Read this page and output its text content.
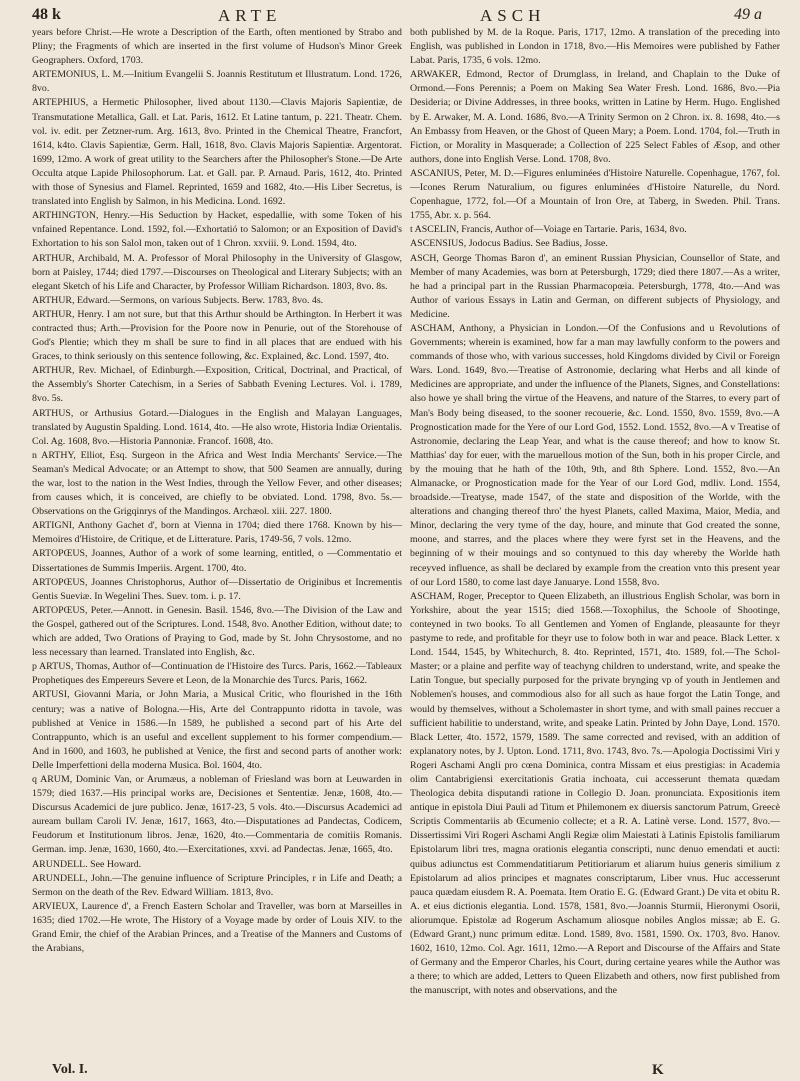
48 k	ARTE	ASCH	49 a

years before Christ.—He wrote a Description of the Earth, often mentioned by Strabo and Pliny; the Fragments of which are inserted in the first volume of Hudson's Minor Greek Geographers. Oxford, 1703.

ARTEMONIUS, L. M.—Initium Evangelii S. Joannis Restitutum et Illustratum. Lond. 1726, 8vo.

ARTEPHIUS, a Hermetic Philosopher, lived about 1130.—Clavis Majoris Sapientiæ, de Transmutatione Metallica, Gall. et Lat. Paris, 1612. Et Latine tantum, p. 221. Theatr. Chem. vol. iv. edit. per Zetzner-rum. Arg. 1613, 8vo. Printed in the Chemical Theatre, Francfort, 1614, k4to. Clavis Sapientiæ, Germ. Hall, 1618, 8vo. Clavis Majoris Sapientiæ. Argentorat. 1699, 12mo. A work of great utility to the Searchers after the Philosopher's Stone.—De Arte Occulta atque Lapide Philosophorum. Lat. et Gall. par. P. Arnaud. Paris, 1612, 4to. Printed with those of Synesius and Flamel. Reprinted, 1659 and 1682, 4to.—His Liber Secretus, is translated into English by Salmon, in his Medicina. Lond. 1692.

ARTHINGTON, Henry.—His Seduction by Hacket, espedallie, with some Token of his vnfained Repentance. Lond. 1592, fol.—Exhortatió to Salomon; or an Exposition of David's Exhortation to his son Salol mon, taken out of 1 Chron. xxviii. 9. Lond. 1594, 4to.

ARTHUR, Archibald, M. A. Professor of Moral Philosophy in the University of Glasgow, born at Paisley, 1744; died 1797.—Discourses on Theological and Literary Subjects; with an elegant Sketch of his Life and Character, by Professor William Richardson. 1803, 8vo. 8s.

ARTHUR, Edward.—Sermons, on various Subjects. Berw. 1783, 8vo. 4s.

ARTHUR, Henry. I am not sure, but that this Arthur should be Arthington. In Herbert it was contracted thus; Arth.—Provision for the Poore now in Penurie, out of the Storehouse of God's Plentie; which they m shall be sure to find in all places that are endued with his Graces, to think seriously on this sentence following, &c. Explained, &c. Lond. 1597, 4to.

ARTHUR, Rev. Michael, of Edinburgh.—Exposition, Critical, Doctrinal, and Practical, of the Assembly's Shorter Catechism, in a Series of Sabbath Evening Lectures. Vol. i. 1789, 8vo. 5s.

ARTHUS, or Arthusius Gotard.—Dialogues in the English and Malayan Languages, translated by Augustin Spalding. Lond. 1614, 4to. —He also wrote, Historia Indiæ Orientalis. Col. Ag. 1608, 8vo.—Historia Pannoniæ. Francof. 1608, 4to.

n ARTHY, Elliot, Esq. Surgeon in the Africa and West India Merchants' Service.—The Seaman's Medical Advocate; or an Attempt to show, that 500 Seamen are annually, during the war, lost to the nation in the West Indies, through the Yellow Fever, and other diseases; from causes which, it is conceived, are chiefly to be obviated. Lond. 1798, 8vo. 5s.—Observations on the Grigqinrys of the Mandingos. Archæol. xiii. 227. 1800.

ARTIGNI, Anthony Gachet d', born at Vienna in 1704; died there 1768. Known by his—Memoires d'Histoire, de Critique, et de Litterature. Paris, 1749-56, 7 vols. 12mo.

ARTOPŒUS, Joannes, Author of a work of some learning, entitled, o —Commentatio et Dissertationes de Summis Imperiis. Argent. 1700, 4to.

ARTOPŒUS, Joannes Christophorus, Author of—Dissertatio de Originibus et Incrementis Gentis Sueviæ. In Wegelini Thes. Suev. tom. i. p. 17.

ARTOPŒUS, Peter.—Annott. in Genesin. Basil. 1546, 8vo.—The Division of the Law and the Gospel, gathered out of the Scriptures. Lond. 1548, 8vo. Another Edition, without date; to which are added, Two Orations of Praying to God, made by St. John Chrysostome, and no less necessary than learned. Translated into English, &c.

p ARTUS, Thomas, Author of—Continuation de l'Histoire des Turcs. Paris, 1662.—Tableaux Prophetiques des Empereurs Severe et Leon, de la Monarchie des Turcs. Paris, 1662.

ARTUSI, Giovanni Maria, or John Maria, a Musical Critic, who flourished in the 16th century; was a native of Bologna.—His, Arte del Contrappunto ridotta in tavole, was published at Venice in 1586.—In 1589, he published a second part of his Arte del Contrappunto, which is an useful and excellent supplement to his former compendium.—And in 1600, and 1603, he published at Venice, the first and second parts of another work: Delle Imperfettioni della moderna Musica. Bol. 1604, 4to.

q ARUM, Dominic Van, or Arumæus, a nobleman of Friesland was born at Leuwarden in 1579; died 1637.—His principal works are, Decisiones et Sententiæ. Jenæ, 1608, 4to.—Discursus Academici de jure publico. Jenæ, 1617-23, 5 vols. 4to.—Discursus Academici ad auream bullam Caroli IV. Jenæ, 1617, 1663, 4to.—Disputationes ad Pandectas, Codicem, Feudorum et Institutionum libros. Jenæ, 1620, 4to.—Commentaria de comitiis Romanis. German. imp. Jenæ, 1630, 1660, 4to.—Exercitationes, xxvi. ad Pandectas. Jenæ, 1665, 4to.

ARUNDELL. See Howard.

ARUNDELL, John.—The genuine influence of Scripture Principles, r in Life and Death; a Sermon on the death of the Rev. Edward William. 1813, 8vo.

ARVIEUX, Laurence d', a French Eastern Scholar and Traveller, was born at Marseilles in 1635; died 1702.—He wrote, The History of a Voyage made by order of Louis XIV. to the Grand Emir, the chief of the Arabian Princes, and a Treatise of the Manners and Customs of the Arabians,

both published by M. de la Roque. Paris, 1717, 12mo. A translation of the preceding into English, was published in London in 1718, 8vo.—His Memoires were published by Father Labat. Paris, 1735, 6 vols. 12mo.

ARWAKER, Edmond, Rector of Drumglass, in Ireland, and Chaplain to the Duke of Ormond.—Fons Perennis; a Poem on Making Sea Water Fresh. Lond. 1686, 8vo.—Pia Desideria; or Divine Addresses, in three books, written in Latine by Herm. Hugo. Englished by E. Arwaker, M. A. Lond. 1686, 8vo.—A Trinity Sermon on 2 Chron. ix. 8. 1698, 4to.—s An Embassy from Heaven, or the Ghost of Queen Mary; a Poem. Lond. 1704, fol.—Truth in Fiction, or Morality in Masquerade; a Collection of 225 Select Fables of Æsop, and other authors, done into English Verse. Lond. 1708, 8vo.

ASCANIUS, Peter, M. D.—Figures enluminées d'Histoire Naturelle. Copenhague, 1767, fol.—Icones Rerum Naturalium, ou figures enluminées d'Histoire Naturelle, du Nord. Copenhague, 1772, fol.—Of a Mountain of Iron Ore, at Taberg, in Sweden. Phil. Trans. 1755, Abr. x. p. 564.

t ASCELIN, Francis, Author of—Voiage en Tartarie. Paris, 1634, 8vo.

ASCENSIUS, Jodocus Badius. See Badius, Josse.

ASCH, George Thomas Baron d', an eminent Russian Physician, Counsellor of State, and Member of many Academies, was born at Petersburgh, 1729; died there 1807.—As a writer, he had a principal part in the Russian Pharmacopœia. Petersburgh, 1778, 4to.—And was Author of various Essays in Latin and German, on different subjects of Physiology, and Medicine.

ASCHAM, Anthony, a Physician in London.—Of the Confusions and u Revolutions of Governments; wherein is examined, how far a man may lawfully conform to the powers and commands of those who, with various successes, hold Kingdoms divided by Civil or Foreign Wars. Lond. 1649, 8vo.—Treatise of Astronomie, declaring what Herbs and all kinde of Medicines are appropriate, and under the influence of the Planets, Signes, and Constellations: also howe ye shall bring the virtue of the Heavens, and nature of the Starres, to every part of Man's Body being diseased, to the sooner recouerie, &c. Lond. 1550, 8vo. 1559, 8vo.—A Prognostication made for the Yere of our Lord God, 1552. Lond. 1552, 8vo.—A v Treatise of Astronomie, declaring the Leap Year, and what is the cause thereof; and how to know St. Matthias' day for euer, with the maruellous motion of the Sun, both in his proper Circle, and by the mouing that he hath of the 10th, 9th, and 8th Sphere. Lond. 1552, 8vo.—An Almanacke, or Prognostication made for the Year of our Lord God, mdliv. Lond. 1554, broadside.—Treatyse, made 1547, of the state and disposition of the Worlde, with the alterations and changing thereof thro' the hyest Planets, called Maxima, Maior, Media, and Minor, declaring the very tyme of the day, houre, and minute that God created the sonne, moone, and starres, and the places where they were fyrst set in the Heavens, and the beginning of w their mouings and so contynued to this day whereby the Worlde hath receyved influence, as shall be declared by example from the creation vnto this present year of our Lord 1580, to come last daye Januarye. Lond 1558, 8vo.

ASCHAM, Roger, Preceptor to Queen Elizabeth, an illustrious English Scholar, was born in Yorkshire, about the year 1515; died 1568.—Toxophilus, the Schoole of Shootinge, conteyned in two books. To all Gentlemen and Yomen of Englande, pleasaunte for theyr pastyme to rede, and profitable for theyr use to folow both in war and peace. Black Letter. x Lond. 1544, 1545, by Whitechurch, 8. 4to. Reprinted, 1571, 4to. 1589, fol.—The Schol-Master; or a plaine and perfite way of teachyng children to understand, write, and speake the Latin Tongue, but specially purposed for the private brynging vp of youth in Jentlemen and Noblemen's houses, and commodious also for all such as haue forgot the Latin Tonge, and would by themselves, without a Scholemaster in short tyme, and with small paines reccuer a sufficient habilitie to understand, write, and speake Latin. Printed by John Daye, Lond. 1570. Black Letter, 4to. 1572, 1579, 1589. The same corrected and revised, with an addition of explanatory notes, by J. Upton. Lond. 1711, 8vo. 1743, 8vo. 7s.—Apologia Doctissimi Viri y Rogeri Aschami Angli pro cœna Dominica, contra Missam et eius prestigias: in Academia olim Cantabrigiensi exercitationis Gratia inchoata, cui accesserunt themata quædam Theologica debita disputandi ratione in Collegio D. Joan. pronunciata. Expositionis item antique in epistola Diui Pauli ad Titum et Philemonem ex diuersis sanctorum Patrum, Greecè Scriptis Commentariis ab Œcumenio collecte; et a R. A. Latinè verse. Lond. 1577, 8vo.—Dissertissimi Viri Rogeri Aschami Angli Regiæ olim Maiestati à Latinis Epistolis familiarum Epistolarum libri tres, magna orationis elegantia conscripti, nunc denuo emendati et aucti: quibus adiunctus est Commendatitiarum Petitioriarum et aliarum huius generis similium z Epistolarum ad alios principes et magnates conscriptarum, Liber vnus. Huc accesserunt pauca quædam eiusdem R. A. Poemata. Item Oratio E. G. (Edward Grant.) De vita et obitu R. A. et eius dictionis elegantia. Lond. 1578, 1581, 8vo.—Joannis Sturmii, Hieronymi Osorii, aliorumque. Epistolæ ad Rogerum Aschamum aliosque nobiles Anglos missæ; ab E. G. (Edward Grant,) nunc primum editæ. Lond. 1589, 8vo. 1581, 1590. Ox. 1703, 8vo. Hanov. 1602, 1610, 12mo. Col. Agr. 1611, 12mo.—A Report and Discourse of the Affairs and State of Germany and the Emperor Charles, his Court, during certaine yeares while the Author was a there; to which are added, Letters to Queen Elizabeth and others, now first published from the manuscript, with notes and observations, and the

Vol. I.	K
